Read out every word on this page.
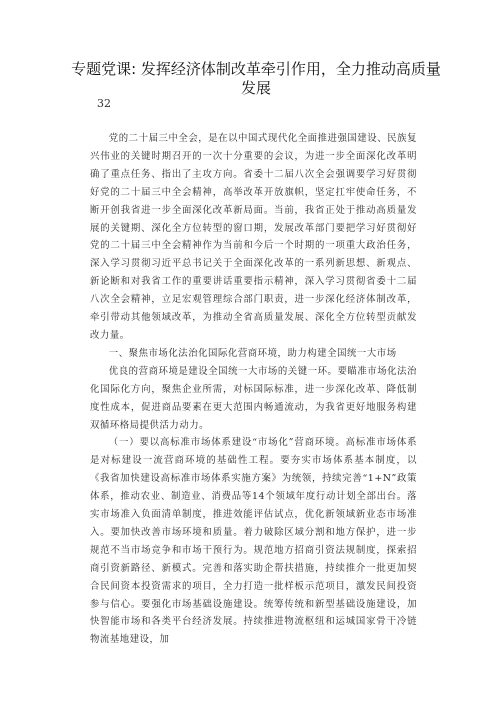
专题党课: 发挥经济体制改革牵引作用，全力推动高质量发展
32

党的二十届三中全会，是在以中国式现代化全面推进强国建设、民族复兴伟业的关键时期召开的一次十分重要的会议，为进一步全面深化改革明确了重点任务、指出了主攻方向。省委十二届八次全会强调要学习好贯彻好党的二十届三中全会精神，高举改革开放旗帜，坚定扛牢使命任务，不断开创我省进一步全面深化改革新局面。当前，我省正处于推动高质量发展的关键期、深化全方位转型的窗口期，发展改革部门要把学习好贯彻好党的二十届三中全会精神作为当前和今后一个时期的一项重大政治任务，深入学习贯彻习近平总书记关于全面深化改革的一系列新思想、新观点、新论断和对我省工作的重要讲话重要指示精神，深入学习贯彻省委十二届八次全会精神，立足宏观管理综合部门职责，进一步深化经济体制改革，牵引带动其他领域改革，为推动全省高质量发展、深化全方位转型贡献发改力量。

一、聚焦市场化法治化国际化营商环境，助力构建全国统一大市场

优良的营商环境是建设全国统一大市场的关键一环。要瞄准市场化法治化国际化方向，聚焦企业所需，对标国际标准，进一步深化改革、降低制度性成本，促进商品要素在更大范围内畅通流动，为我省更好地服务构建双循环格局提供活力动力。

（一）要以高标准市场体系建设“市场化”营商环境。高标准市场体系是对标建设一流营商环境的基础性工程。要夯实市场体系基本制度，以《我省加快建设高标准市场体系实施方案》为统领，持续完善“1+N”政策体系，推动农业、制造业、消费品等14个领域年度行动计划全部出台。落实市场准入负面清单制度，推进效能评估试点，优化新领域新业态市场准入。要加快改善市场环境和质量。着力破除区域分割和地方保护，进一步规范不当市场竞争和市场干预行为。规范地方招商引资法规制度，探索招商引资新路径、新模式。完善和落实助企帮扶措施，持续推介一批更加契合民间资本投资需求的项目，全力打造一批样板示范项目，激发民间投资参与信心。要强化市场基础设施建设。统筹传统和新型基础设施建设，加快智能市场和各类平台经济发展。持续推进物流枢纽和运城国家骨干冷链物流基地建设，加
